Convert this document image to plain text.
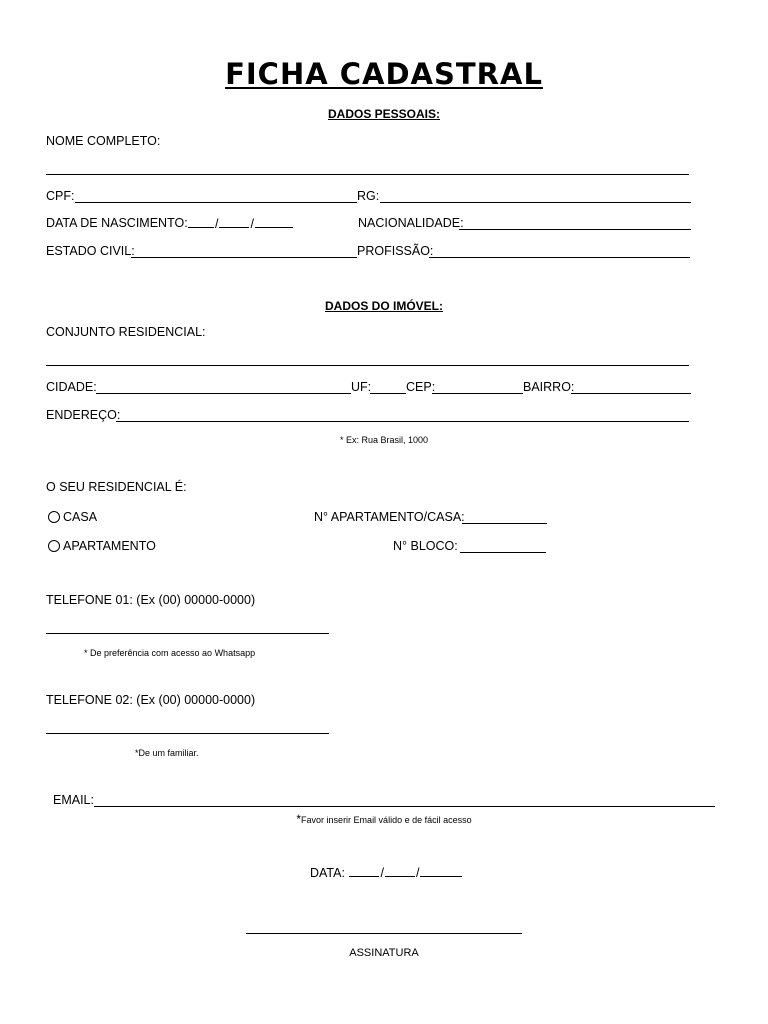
FICHA CADASTRAL
DADOS PESSOAIS:
NOME COMPLETO:
CPF:	RG:
DATA DE NASCIMENTO:	/	/	NACIONALIDADE:
ESTADO CIVIL:	PROFISSÃO:
DADOS DO IMÓVEL:
CONJUNTO RESIDENCIAL:
CIDADE:	UF:	CEP:	BAIRRO:
ENDEREÇO:
* Ex: Rua Brasil, 1000
O SEU RESIDENCIAL É:
CASA	N° APARTAMENTO/CASA:
APARTAMENTO	N° BLOCO:
TELEFONE 01: (Ex (00) 00000-0000)
* De preferência com acesso ao Whatsapp
TELEFONE 02: (Ex (00) 00000-0000)
*De um familiar.
EMAIL:
*Favor inserir Email válido e de fácil acesso
DATA:	/	/
ASSINATURA
